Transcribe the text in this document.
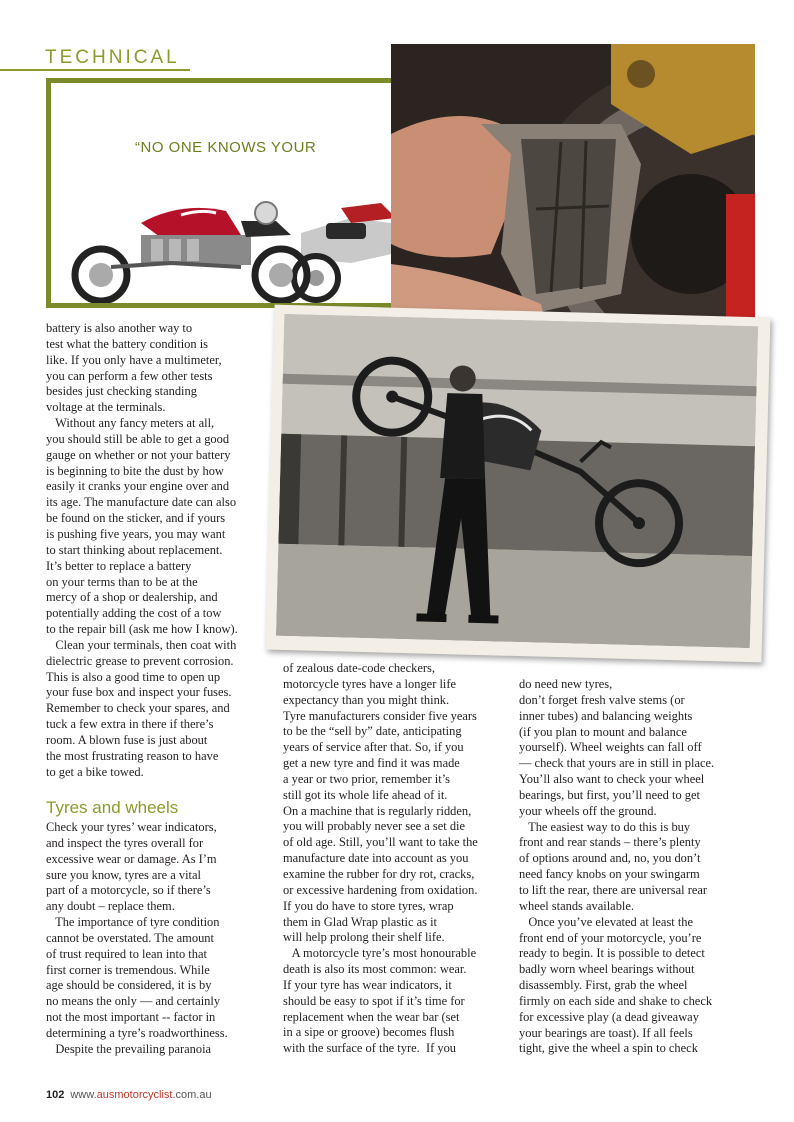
TECHNICAL
“NO ONE KNOWS YOUR
battery is also another way to
test what the battery condition is
like. If you only have a multimeter,
you can perform a few other tests
besides just checking standing
voltage at the terminals.
Without any fancy meters at all,
you should still be able to get a good
gauge on whether or not your battery
is beginning to bite the dust by how
easily it cranks your engine over and
its age. The manufacture date can also
be found on the sticker, and if yours
is pushing five years, you may want
to start thinking about replacement.
It’s better to replace a battery
on your terms than to be at the
mercy of a shop or dealership, and
potentially adding the cost of a tow
to the repair bill (ask me how I know).
Clean your terminals, then coat with
dielectric grease to prevent corrosion.
This is also a good time to open up
your fuse box and inspect your fuses.
Remember to check your spares, and
tuck a few extra in there if there’s
room. A blown fuse is just about
the most frustrating reason to have
to get a bike towed.
Tyres and wheels
Check your tyres’ wear indicators,
and inspect the tyres overall for
excessive wear or damage. As I’m
sure you know, tyres are a vital
part of a motorcycle, so if there’s
any doubt – replace them.
The importance of tyre condition
cannot be overstated. The amount
of trust required to lean into that
first corner is tremendous. While
age should be considered, it is by
no means the only — and certainly
not the most important -- factor in
determining a tyre’s roadworthiness.
Despite the prevailing paranoia
of zealous date-code checkers,
motorcycle tyres have a longer life
expectancy than you might think.
Tyre manufacturers consider five years
to be the “sell by” date, anticipating
years of service after that. So, if you
get a new tyre and find it was made
a year or two prior, remember it’s
still got its whole life ahead of it.
On a machine that is regularly ridden,
you will probably never see a set die
of old age. Still, you’ll want to take the
manufacture date into account as you
examine the rubber for dry rot, cracks,
or excessive hardening from oxidation.
If you do have to store tyres, wrap
them in Glad Wrap plastic as it
will help prolong their shelf life.
A motorcycle tyre’s most honourable
death is also its most common: wear.
If your tyre has wear indicators, it
should be easy to spot if it’s time for
replacement when the wear bar (set
in a sipe or groove) becomes flush
with the surface of the tyre.  If you
do need new tyres,
don’t forget fresh valve stems (or
inner tubes) and balancing weights
(if you plan to mount and balance
yourself). Wheel weights can fall off
— check that yours are in still in place.
You’ll also want to check your wheel
bearings, but first, you’ll need to get
your wheels off the ground.
The easiest way to do this is buy
front and rear stands – there’s plenty
of options around and, no, you don’t
need fancy knobs on your swingarm
to lift the rear, there are universal rear
wheel stands available.
Once you’ve elevated at least the
front end of your motorcycle, you’re
ready to begin. It is possible to detect
badly worn wheel bearings without
disassembly. First, grab the wheel
firmly on each side and shake to check
for excessive play (a dead giveaway
your bearings are toast). If all feels
tight, give the wheel a spin to check
102 www.ausmotorcyclist.com.au
